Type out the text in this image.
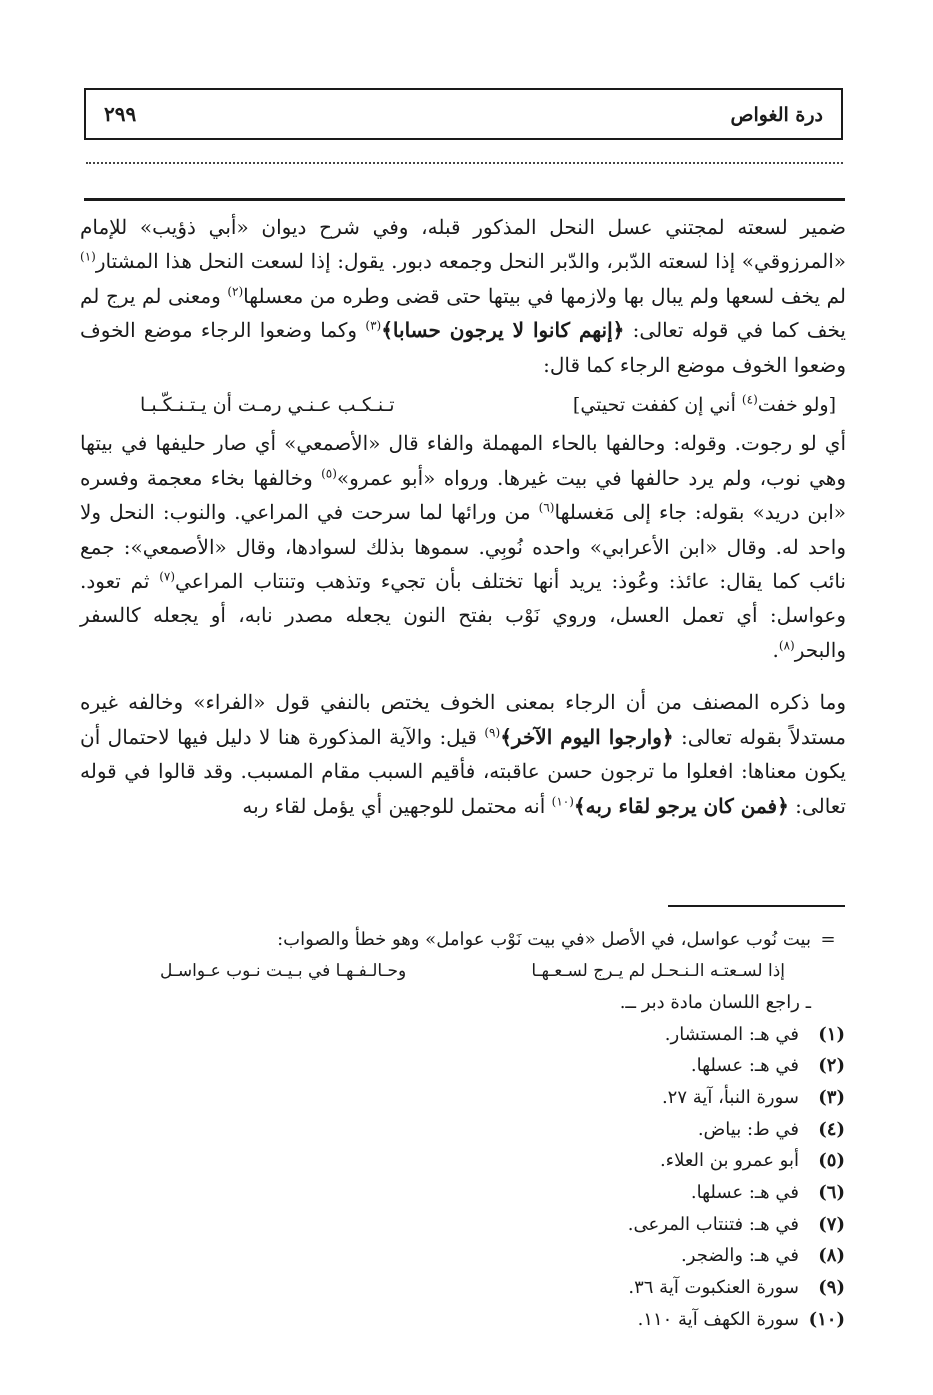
درة الغواص
٢٩٩

ضمير لسعته لمجتني عسل النحل المذكور قبله، وفي شرح ديوان «أبي ذؤيب» للإمام «المرزوقي» إذا لسعته الدّبر، والدّبر النحل وجمعه دبور. يقول: إذا لسعت النحل هذا المشتار$^{(١)}$ لم يخف لسعها ولم يبال بها ولازمها في بيتها حتى قضى وطره من معسلها$^{(٢)}$ ومعنى لم يرج لم يخف كما في قوله تعالى: ﴿إنهم كانوا لا يرجون حسابا﴾$^{(٣)}$ وكما وضعوا الرجاء موضع الخوف وضعوا الخوف موضع الرجاء كما قال:

[ولو خفت$^{(٤)}$ أني إن كففت تحيتي]
تـنـكـب عـنـي رمـت أن يـتـنـكّـبـا

أي لو رجوت. وقوله: وحالفها بالحاء المهملة والفاء قال «الأصمعي» أي صار حليفها في بيتها وهي نوب، ولم يرد حالفها في بيت غيرها. ورواه «أبو عمرو»$^{(٥)}$ وخالفها بخاء معجمة وفسره «ابن دريد» بقوله: جاء إلى مَغسلها$^{(٦)}$ من ورائها لما سرحت في المراعي. والنوب: النحل ولا واحد له. وقال «ابن الأعرابي» واحده نُوبِي. سموها بذلك لسوادها، وقال «الأصمعي»: جمع نائب كما يقال: عائذ: وعُوذ: يريد أنها تختلف بأن تجيء وتذهب وتنتاب المراعي$^{(٧)}$ ثم تعود. وعواسل: أي تعمل العسل، وروي نَوْب بفتح النون يجعله مصدر نابه، أو يجعله كالسفر والبحر$^{(٨)}$.

وما ذكره المصنف من أن الرجاء بمعنى الخوف يختص بالنفي قول «الفراء» وخالفه غيره مستدلاً بقوله تعالى: ﴿وارجوا اليوم الآخر﴾$^{(٩)}$ قيل: والآية المذكورة هنا لا دليل فيها لاحتمال أن يكون معناها: افعلوا ما ترجون حسن عاقبته، فأقيم السبب مقام المسبب. وقد قالوا في قوله تعالى: ﴿فمن كان يرجو لقاء ربه﴾$^{(١٠)}$ أنه محتمل للوجهين أي يؤمل لقاء ربه

=
بيت نُوب عواسل، في الأصل «في بيت نَوْب عوامل» وهو خطأ والصواب:
إذا لسـعتـه الـنـحـل لم يـرج لسـعـهـا
وحـالـفـهـا في بـيـت نـوب عـواسـل
ـ راجع اللسان مادة دبر ــ.
(١)
في هـ: المستشار.
(٢)
في هـ: عسلها.
(٣)
سورة النبأ، آية ٢٧.
(٤)
في ط: بياض.
(٥)
أبو عمرو بن العلاء.
(٦)
في هـ: عسلها.
(٧)
في هـ: فتنتاب المرعى.
(٨)
في هـ: والضجر.
(٩)
سورة العنكبوت آية ٣٦.
(١٠)
سورة الكهف آية ١١٠.
